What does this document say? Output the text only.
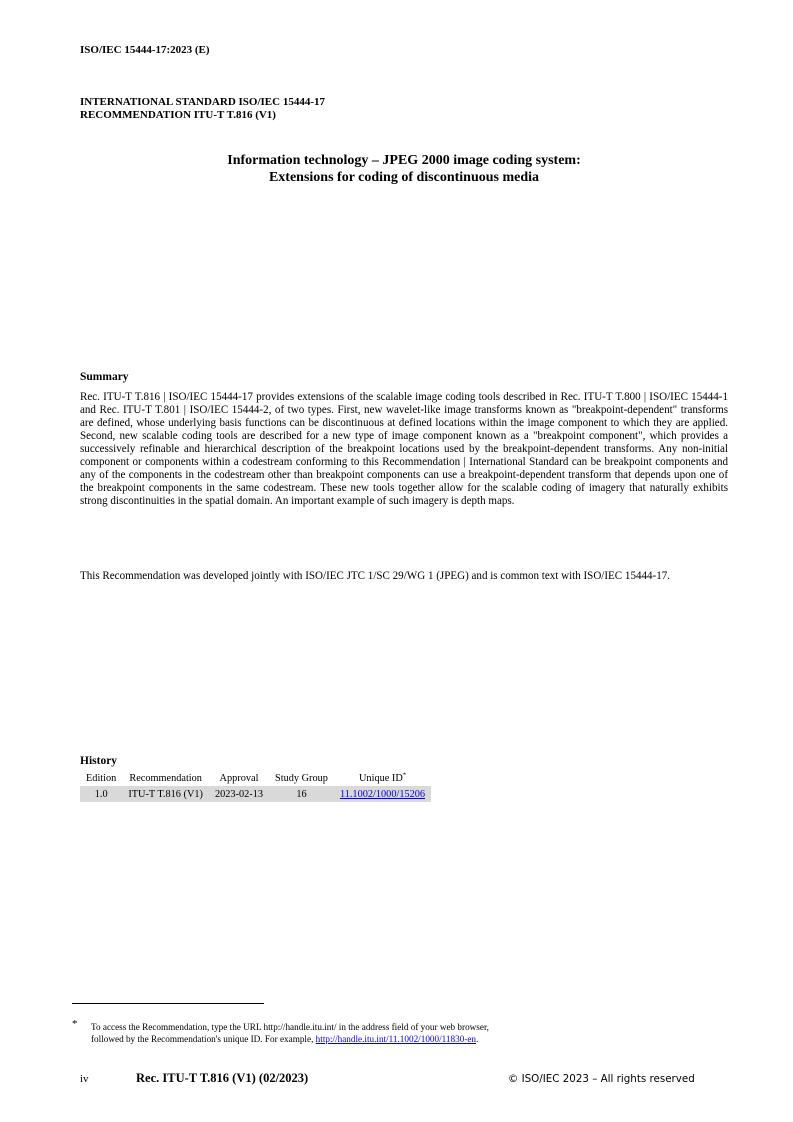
ISO/IEC 15444-17:2023 (E)
INTERNATIONAL STANDARD ISO/IEC 15444-17
RECOMMENDATION ITU-T T.816 (V1)
Information technology – JPEG 2000 image coding system:
Extensions for coding of discontinuous media
Summary
Rec. ITU-T T.816 | ISO/IEC 15444-17 provides extensions of the scalable image coding tools described in Rec. ITU-T T.800 | ISO/IEC 15444-1 and Rec. ITU-T T.801 | ISO/IEC 15444-2, of two types. First, new wavelet-like image transforms known as "breakpoint-dependent" transforms are defined, whose underlying basis functions can be discontinuous at defined locations within the image component to which they are applied. Second, new scalable coding tools are described for a new type of image component known as a "breakpoint component", which provides a successively refinable and hierarchical description of the breakpoint locations used by the breakpoint-dependent transforms. Any non-initial component or components within a codestream conforming to this Recommendation | International Standard can be breakpoint components and any of the components in the codestream other than breakpoint components can use a breakpoint-dependent transform that depends upon one of the breakpoint components in the same codestream. These new tools together allow for the scalable coding of imagery that naturally exhibits strong discontinuities in the spatial domain. An important example of such imagery is depth maps.
This Recommendation was developed jointly with ISO/IEC JTC 1/SC 29/WG 1 (JPEG) and is common text with ISO/IEC 15444-17.
History
Edition	Recommendation	Approval	Study Group	Unique ID*
1.0	ITU-T T.816 (V1)	2023-02-13	16	11.1002/1000/15206
* To access the Recommendation, type the URL http://handle.itu.int/ in the address field of your web browser,
followed by the Recommendation's unique ID. For example, http://handle.itu.int/11.1002/1000/11830-en.
iv	Rec. ITU-T T.816 (V1) (02/2023)	© ISO/IEC 2023 – All rights reserved
